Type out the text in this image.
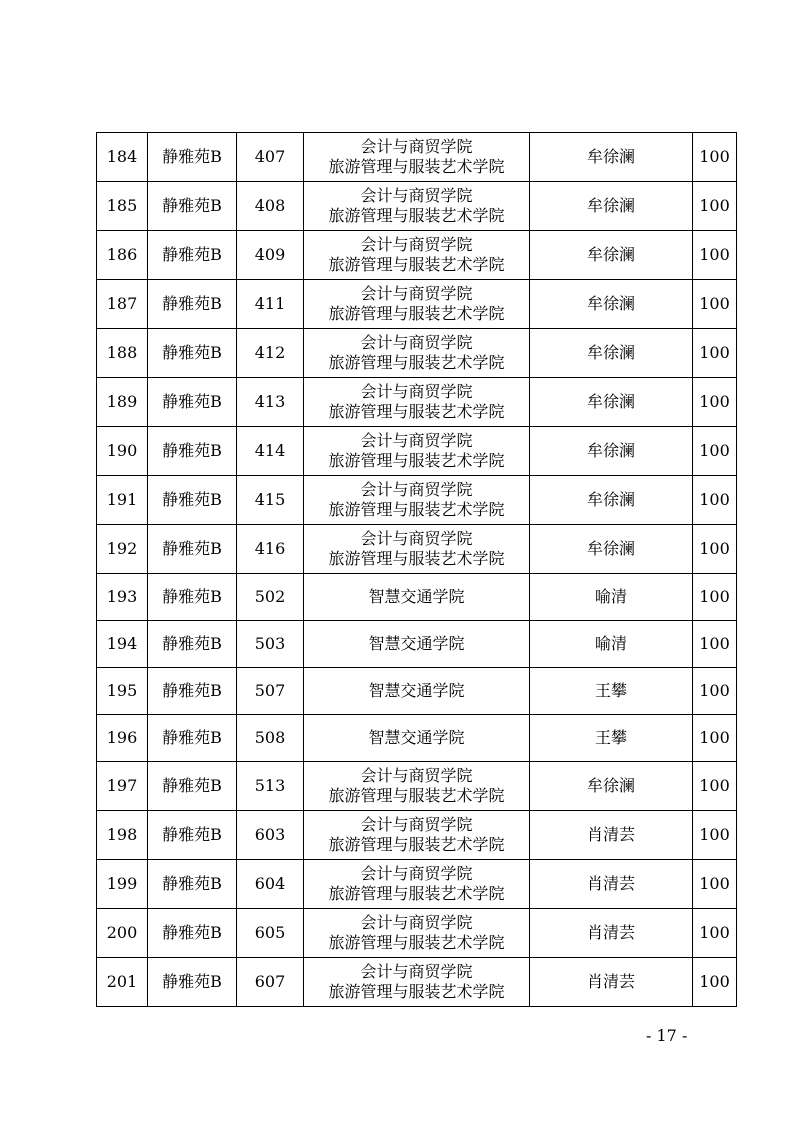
184	静雅苑B	407	会计与商贸学院
旅游管理与服装艺术学院	牟徐澜	100
185	静雅苑B	408	会计与商贸学院
旅游管理与服装艺术学院	牟徐澜	100
186	静雅苑B	409	会计与商贸学院
旅游管理与服装艺术学院	牟徐澜	100
187	静雅苑B	411	会计与商贸学院
旅游管理与服装艺术学院	牟徐澜	100
188	静雅苑B	412	会计与商贸学院
旅游管理与服装艺术学院	牟徐澜	100
189	静雅苑B	413	会计与商贸学院
旅游管理与服装艺术学院	牟徐澜	100
190	静雅苑B	414	会计与商贸学院
旅游管理与服装艺术学院	牟徐澜	100
191	静雅苑B	415	会计与商贸学院
旅游管理与服装艺术学院	牟徐澜	100
192	静雅苑B	416	会计与商贸学院
旅游管理与服装艺术学院	牟徐澜	100
193	静雅苑B	502	智慧交通学院	喻清	100
194	静雅苑B	503	智慧交通学院	喻清	100
195	静雅苑B	507	智慧交通学院	王攀	100
196	静雅苑B	508	智慧交通学院	王攀	100
197	静雅苑B	513	会计与商贸学院
旅游管理与服装艺术学院	牟徐澜	100
198	静雅苑B	603	会计与商贸学院
旅游管理与服装艺术学院	肖清芸	100
199	静雅苑B	604	会计与商贸学院
旅游管理与服装艺术学院	肖清芸	100
200	静雅苑B	605	会计与商贸学院
旅游管理与服装艺术学院	肖清芸	100
201	静雅苑B	607	会计与商贸学院
旅游管理与服装艺术学院	肖清芸	100
- 17 -
